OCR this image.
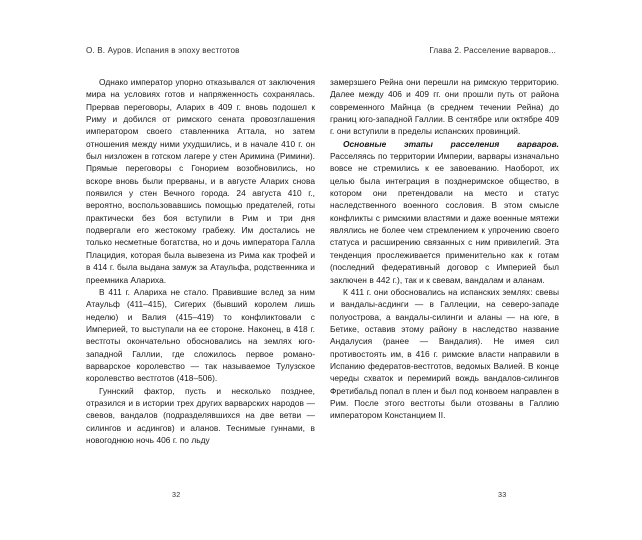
О. В. Ауров. Испания в эпоху вестготов	Глава 2. Расселение варваров...

Однако император упорно отказывался от заключения мира на условиях готов и напряженность сохранялась. Прервав переговоры, Аларих в 409 г. вновь подошел к Риму и добился от римского сената провозглашения императором своего ставленника Аттала, но затем отношения между ними ухудшились, и в начале 410 г. он был низложен в готском лагере у стен Аримина (Римини). Прямые переговоры с Гонорием возобновились, но вскоре вновь были прерваны, и в августе Аларих снова появился у стен Вечного города. 24 августа 410 г., вероятно, воспользовавшись помощью предателей, готы практически без боя вступили в Рим и три дня подвергали его жестокому грабежу. Им достались не только несметные богатства, но и дочь императора Галла Плацидия, которая была вывезена из Рима как трофей и в 414 г. была выдана замуж за Атаульфа, родственника и преемника Алариха.

В 411 г. Алариха не стало. Правившие вслед за ним Атаульф (411–415), Сигерих (бывший королем лишь неделю) и Валия (415–419) то конфликтовали с Империей, то выступали на ее стороне. Наконец, в 418 г. вестготы окончательно обосновались на землях юго-западной Галлии, где сложилось первое романо-варварское королевство — так называемое Тулузское королевство вестготов (418–506).

Гуннский фактор, пусть и несколько позднее, отразился и в истории трех других варварских народов — свевов, вандалов (подразделявшихся на две ветви — силингов и асдингов) и аланов. Теснимые гуннами, в новогоднюю ночь 406 г. по льду

замерзшего Рейна они перешли на римскую территорию. Далее между 406 и 409 гг. они прошли путь от района современного Майнца (в среднем течении Рейна) до границ юго-западной Галлии. В сентябре или октябре 409 г. они вступили в пределы испанских провинций.

Основные этапы расселения варваров. Расселяясь по территории Империи, варвары изначально вовсе не стремились к ее завоеванию. Наоборот, их целью была интеграция в позднеримское общество, в котором они претендовали на место и статус наследственного военного сословия. В этом смысле конфликты с римскими властями и даже военные мятежи являлись не более чем стремлением к упрочению своего статуса и расширению связанных с ним привилегий. Эта тенденция прослеживается применительно как к готам (последний федеративный договор с Империей был заключен в 442 г.), так и к свевам, вандалам и аланам.

К 411 г. они обосновались на испанских землях: свевы и вандалы-асдинги — в Галлеции, на северо-западе полуострова, а вандалы-силинги и аланы — на юге, в Бетике, оставив этому району в наследство название Андалусия (ранее — Вандалия). Не имея сил противостоять им, в 416 г. римские власти направили в Испанию федератов-вестготов, ведомых Валией. В конце череды схваток и перемирий вождь вандалов-силингов Фретибальд попал в плен и был под конвоем направлен в Рим. После этого вестготы были отозваны в Галлию императором Констанцием II.

32	33
